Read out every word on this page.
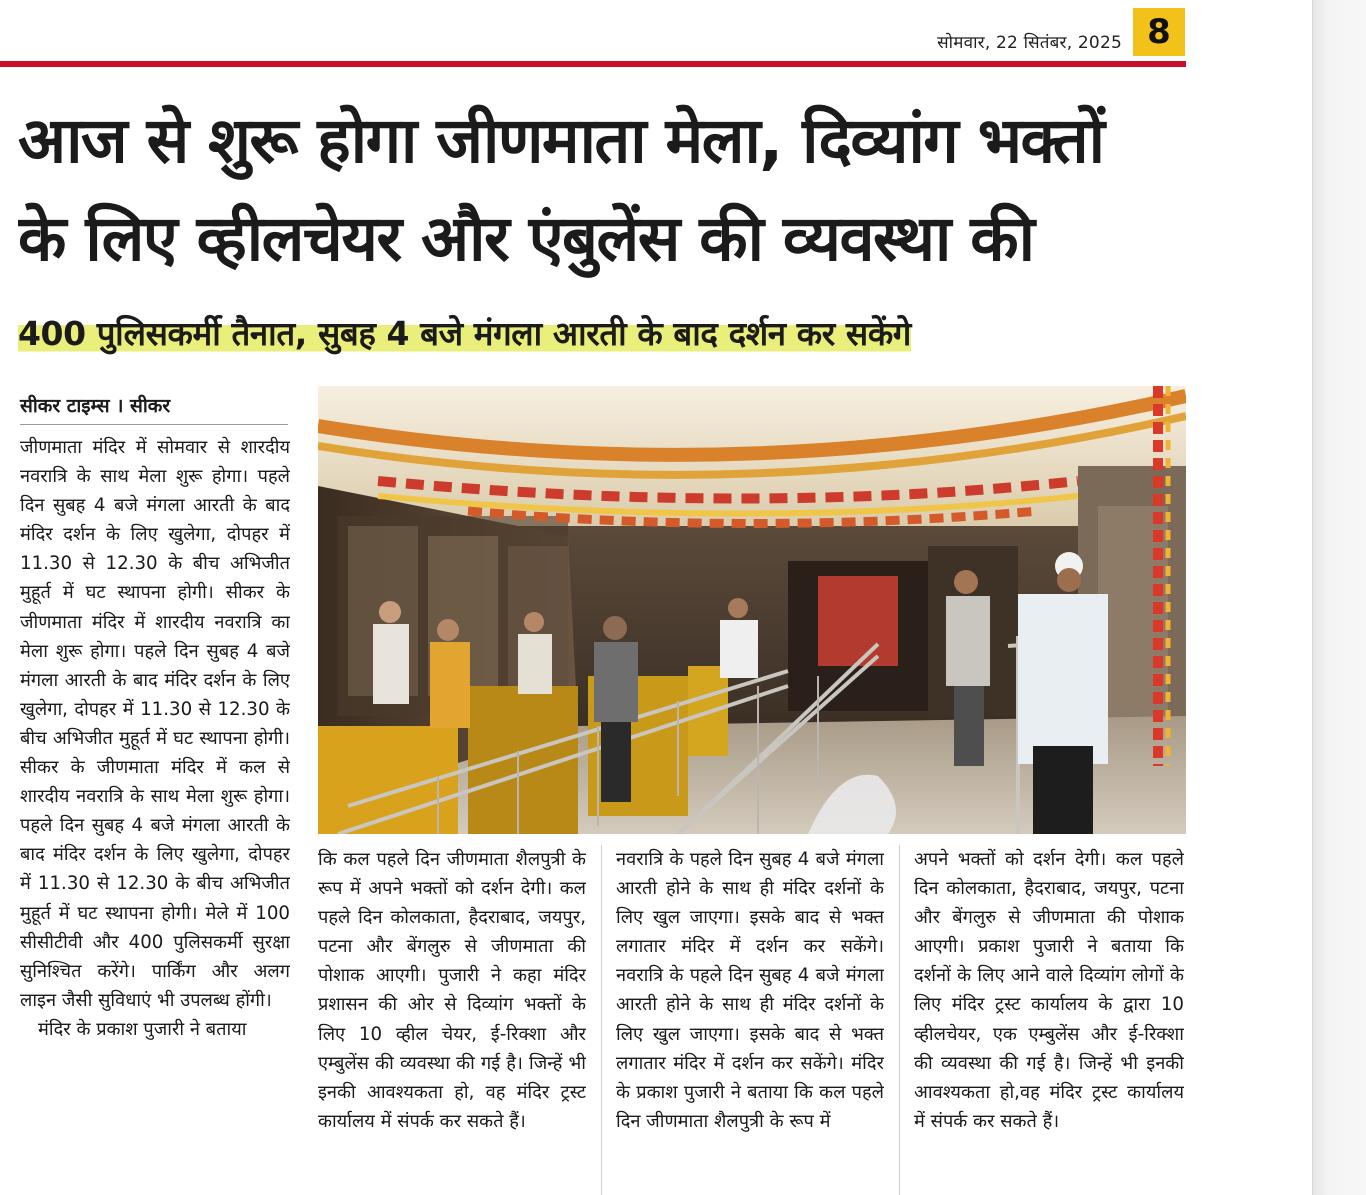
सोमवार, 22 सितंबर, 2025 8
आज से शुरू होगा जीणमाता मेला, दिव्यांग भक्तों
के लिए व्हीलचेयर और एंबुलेंस की व्यवस्था की
400 पुलिसकर्मी तैनात, सुबह 4 बजे मंगला आरती के बाद दर्शन कर सकेंगे
सीकर टाइम्स । सीकर

जीणमाता मंदिर में सोमवार से शारदीय नवरात्रि के साथ मेला शुरू होगा। पहले दिन सुबह 4 बजे मंगला आरती के बाद मंदिर दर्शन के लिए खुलेगा, दोपहर में 11.30 से 12.30 के बीच अभिजीत मुहूर्त में घट स्थापना होगी। सीकर के जीणमाता मंदिर में शारदीय नवरात्रि का मेला शुरू होगा। पहले दिन सुबह 4 बजे मंगला आरती के बाद मंदिर दर्शन के लिए खुलेगा, दोपहर में 11.30 से 12.30 के बीच अभिजीत मुहूर्त में घट स्थापना होगी। सीकर के जीणमाता मंदिर में कल से शारदीय नवरात्रि के साथ मेला शुरू होगा। पहले दिन सुबह 4 बजे मंगला आरती के बाद मंदिर दर्शन के लिए खुलेगा, दोपहर में 11.30 से 12.30 के बीच अभिजीत मुहूर्त में घट स्थापना होगी। मेले में 100 सीसीटीवी और 400 पुलिसकर्मी सुरक्षा सुनिश्चित करेंगे। पार्किंग और अलग लाइन जैसी सुविधाएं भी उपलब्ध होंगी।

मंदिर के प्रकाश पुजारी ने बताया

कि कल पहले दिन जीणमाता शैलपुत्री के रूप में अपने भक्तों को दर्शन देगी। कल पहले दिन कोलकाता, हैदराबाद, जयपुर, पटना और बेंगलुरु से जीणमाता की पोशाक आएगी। पुजारी ने कहा मंदिर प्रशासन की ओर से दिव्यांग भक्तों के लिए 10 व्हील चेयर, ई-रिक्शा और एम्बुलेंस की व्यवस्था की गई है। जिन्हें भी इनकी आवश्यकता हो, वह मंदिर ट्रस्ट कार्यालय में संपर्क कर सकते हैं।
नवरात्रि के पहले दिन सुबह 4 बजे मंगला आरती होने के साथ ही मंदिर दर्शनों के लिए खुल जाएगा। इसके बाद से भक्त लगातार मंदिर में दर्शन कर सकेंगे। नवरात्रि के पहले दिन सुबह 4 बजे मंगला आरती होने के साथ ही मंदिर दर्शनों के लिए खुल जाएगा। इसके बाद से भक्त लगातार मंदिर में दर्शन कर सकेंगे। मंदिर के प्रकाश पुजारी ने बताया कि कल पहले दिन जीणमाता शैलपुत्री के रूप में
अपने भक्तों को दर्शन देगी। कल पहले दिन कोलकाता, हैदराबाद, जयपुर, पटना और बेंगलुरु से जीणमाता की पोशाक आएगी। प्रकाश पुजारी ने बताया कि दर्शनों के लिए आने वाले दिव्यांग लोगों के लिए मंदिर ट्रस्ट कार्यालय के द्वारा 10 व्हीलचेयर, एक एम्बुलेंस और ई-रिक्शा की व्यवस्था की गई है। जिन्हें भी इनकी आवश्यकता हो,वह मंदिर ट्रस्ट कार्यालय में संपर्क कर सकते हैं।
